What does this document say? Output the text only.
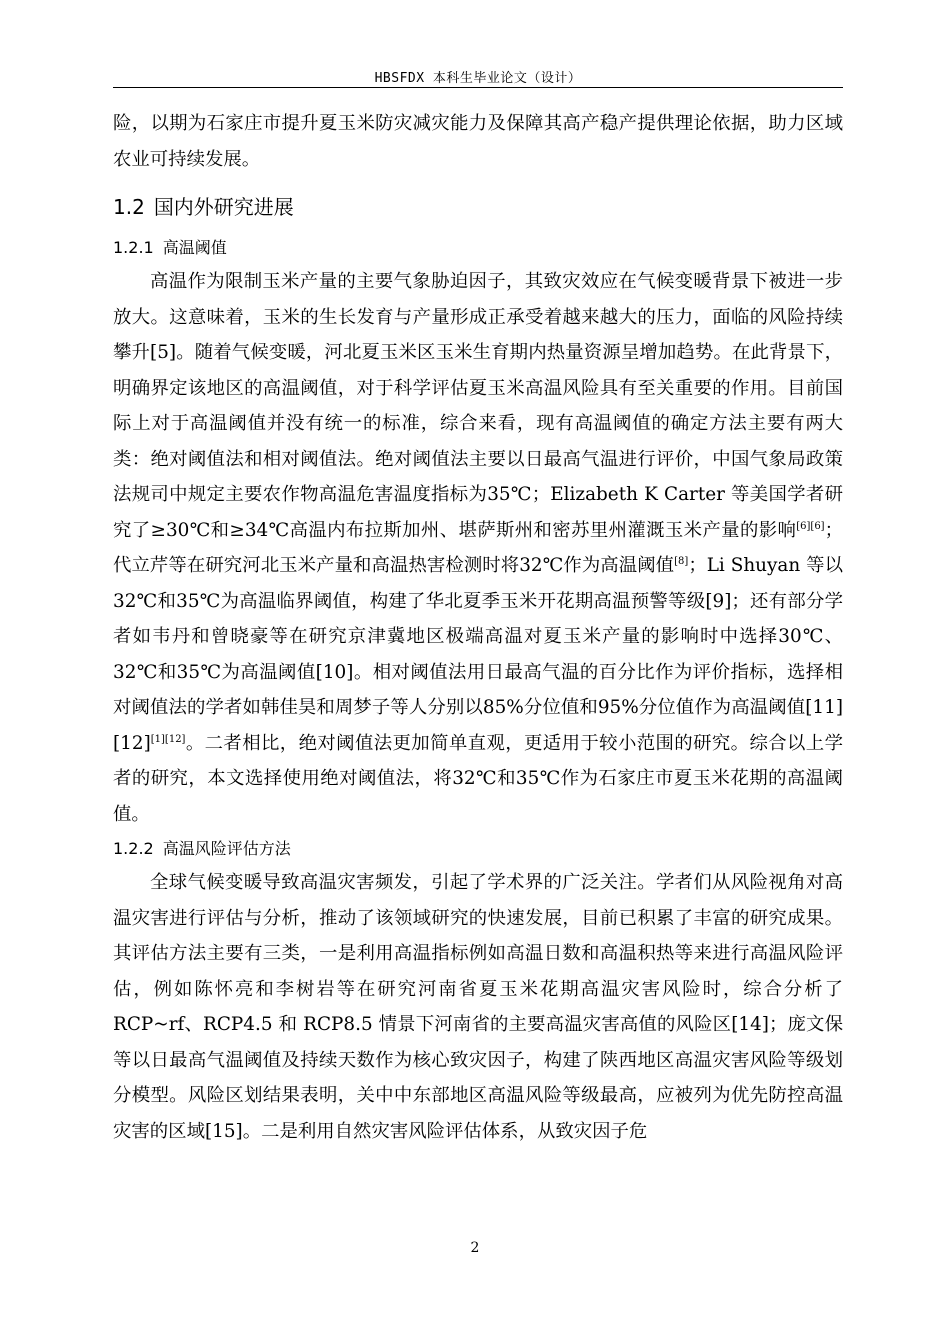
HBSFDX 本科生毕业论文（设计）

险，以期为石家庄市提升夏玉米防灾减灾能力及保障其高产稳产提供理论依据，助力区域农业可持续发展。

1.2 国内外研究进展
1.2.1 高温阈值

高温作为限制玉米产量的主要气象胁迫因子，其致灾效应在气候变暖背景下被进一步放大。这意味着，玉米的生长发育与产量形成正承受着越来越大的压力，面临的风险持续攀升[5]。随着气候变暖，河北夏玉米区玉米生育期内热量资源呈增加趋势。在此背景下，明确界定该地区的高温阈值，对于科学评估夏玉米高温风险具有至关重要的作用。目前国际上对于高温阈值并没有统一的标准，综合来看，现有高温阈值的确定方法主要有两大类：绝对阈值法和相对阈值法。绝对阈值法主要以日最高气温进行评价，中国气象局政策法规司中规定主要农作物高温危害温度指标为35℃；Elizabeth K Carter 等美国学者研究了≥30℃和≥34℃高温内布拉斯加州、堪萨斯州和密苏里州灌溉玉米产量的影响[6][6]；代立芹等在研究河北玉米产量和高温热害检测时将32℃作为高温阈值[8]；Li Shuyan 等以32℃和35℃为高温临界阈值，构建了华北夏季玉米开花期高温预警等级[9]；还有部分学者如韦丹和曾晓豪等在研究京津冀地区极端高温对夏玉米产量的影响时中选择30℃、32℃和35℃为高温阈值[10]。相对阈值法用日最高气温的百分比作为评价指标，选择相对阈值法的学者如韩佳昊和周梦子等人分别以85%分位值和95%分位值作为高温阈值[11][12][1][12]。二者相比，绝对阈值法更加简单直观，更适用于较小范围的研究。综合以上学者的研究，本文选择使用绝对阈值法，将32℃和35℃作为石家庄市夏玉米花期的高温阈值。

1.2.2 高温风险评估方法

全球气候变暖导致高温灾害频发，引起了学术界的广泛关注。学者们从风险视角对高温灾害进行评估与分析，推动了该领域研究的快速发展，目前已积累了丰富的研究成果。其评估方法主要有三类，一是利用高温指标例如高温日数和高温积热等来进行高温风险评估，例如陈怀亮和李树岩等在研究河南省夏玉米花期高温灾害风险时，综合分析了 RCP~rf、RCP4.5 和 RCP8.5 情景下河南省的主要高温灾害高值的风险区[14]；庞文保等以日最高气温阈值及持续天数作为核心致灾因子，构建了陕西地区高温灾害风险等级划分模型。风险区划结果表明，关中中东部地区高温风险等级最高，应被列为优先防控高温灾害的区域[15]。二是利用自然灾害风险评估体系，从致灾因子危

2
